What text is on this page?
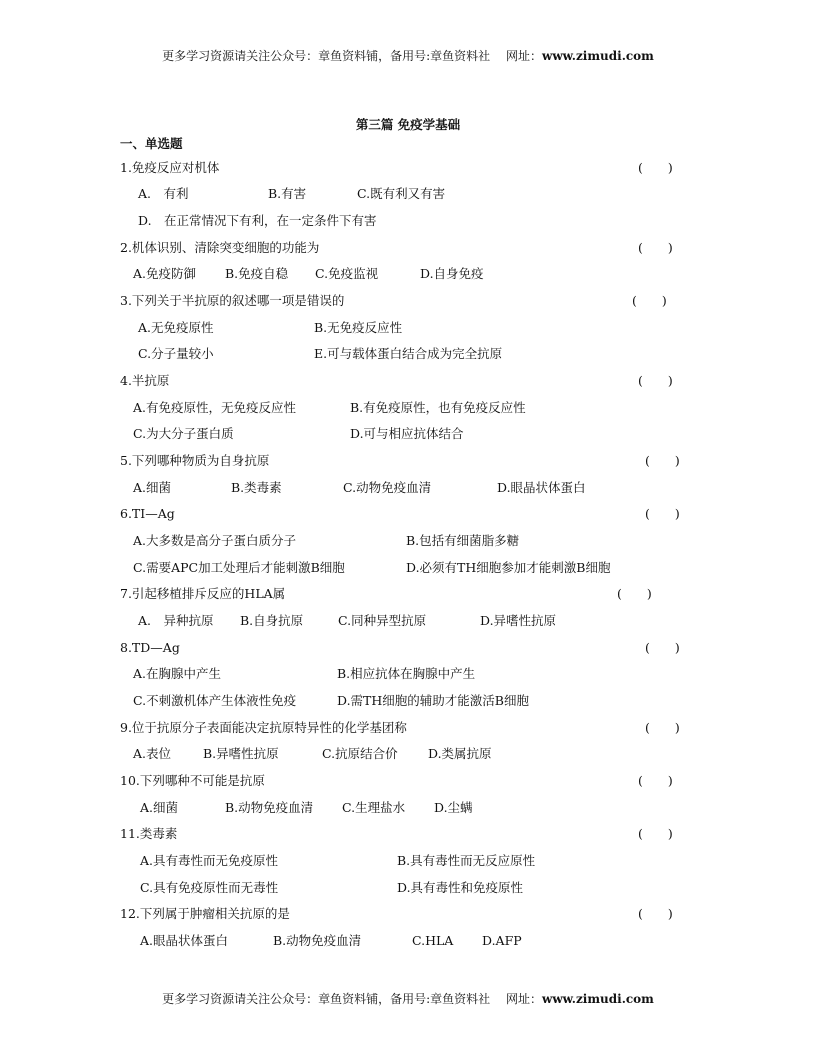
更多学习资源请关注公众号：章鱼资料铺，备用号:章鱼资料社　 网址：www.zimudi.com
第三篇 免疫学基础
一、单选题
1.免疫反应对机体	(　　)
A.　有利	B.有害	C.既有利又有害
D.　在正常情况下有利，在一定条件下有害
2.机体识别、清除突变细胞的功能为	(　　)
A.免疫防御 B.免疫自稳 C.免疫监视	D.自身免疫
3.下列关于半抗原的叙述哪一项是错误的	(　　)
A.无免疫原性	B.无免疫反应性
C.分子量较小	E.可与载体蛋白结合成为完全抗原
4.半抗原	(　　)
A.有免疫原性，无免疫反应性	B.有免疫原性，也有免疫反应性
C.为大分子蛋白质	D.可与相应抗体结合
5.下列哪种物质为自身抗原	(　　)
A.细菌	B.类毒素	C.动物免疫血清	D.眼晶状体蛋白
6.TI—Ag	(　　)
A.大多数是高分子蛋白质分子	B.包括有细菌脂多糖
C.需要APC加工处理后才能刺激B细胞	D.必须有TH细胞参加才能刺激B细胞
7.引起移植排斥反应的HLA属	(　　)
A.　异种抗原 B.自身抗原	C.同种异型抗原	D.异嗜性抗原
8.TD—Ag	(　　)
A.在胸腺中产生	B.相应抗体在胸腺中产生
C.不刺激机体产生体液性免疫	D.需TH细胞的辅助才能激活B细胞
9.位于抗原分子表面能决定抗原特异性的化学基团称	(　　)
A.表位	B.异嗜性抗原	C.抗原结合价 D.类属抗原
10.下列哪种不可能是抗原	(　　)
A.细菌	B.动物免疫血清 C.生理盐水 D.尘螨
11.类毒素	(　　)
A.具有毒性而无免疫原性	B.具有毒性而无反应原性
C.具有免疫原性而无毒性	D.具有毒性和免疫原性
12.下列属于肿瘤相关抗原的是	(　　)
A.眼晶状体蛋白	B.动物免疫血清	C.HLA D.AFP
更多学习资源请关注公众号：章鱼资料铺，备用号:章鱼资料社　 网址：www.zimudi.com
